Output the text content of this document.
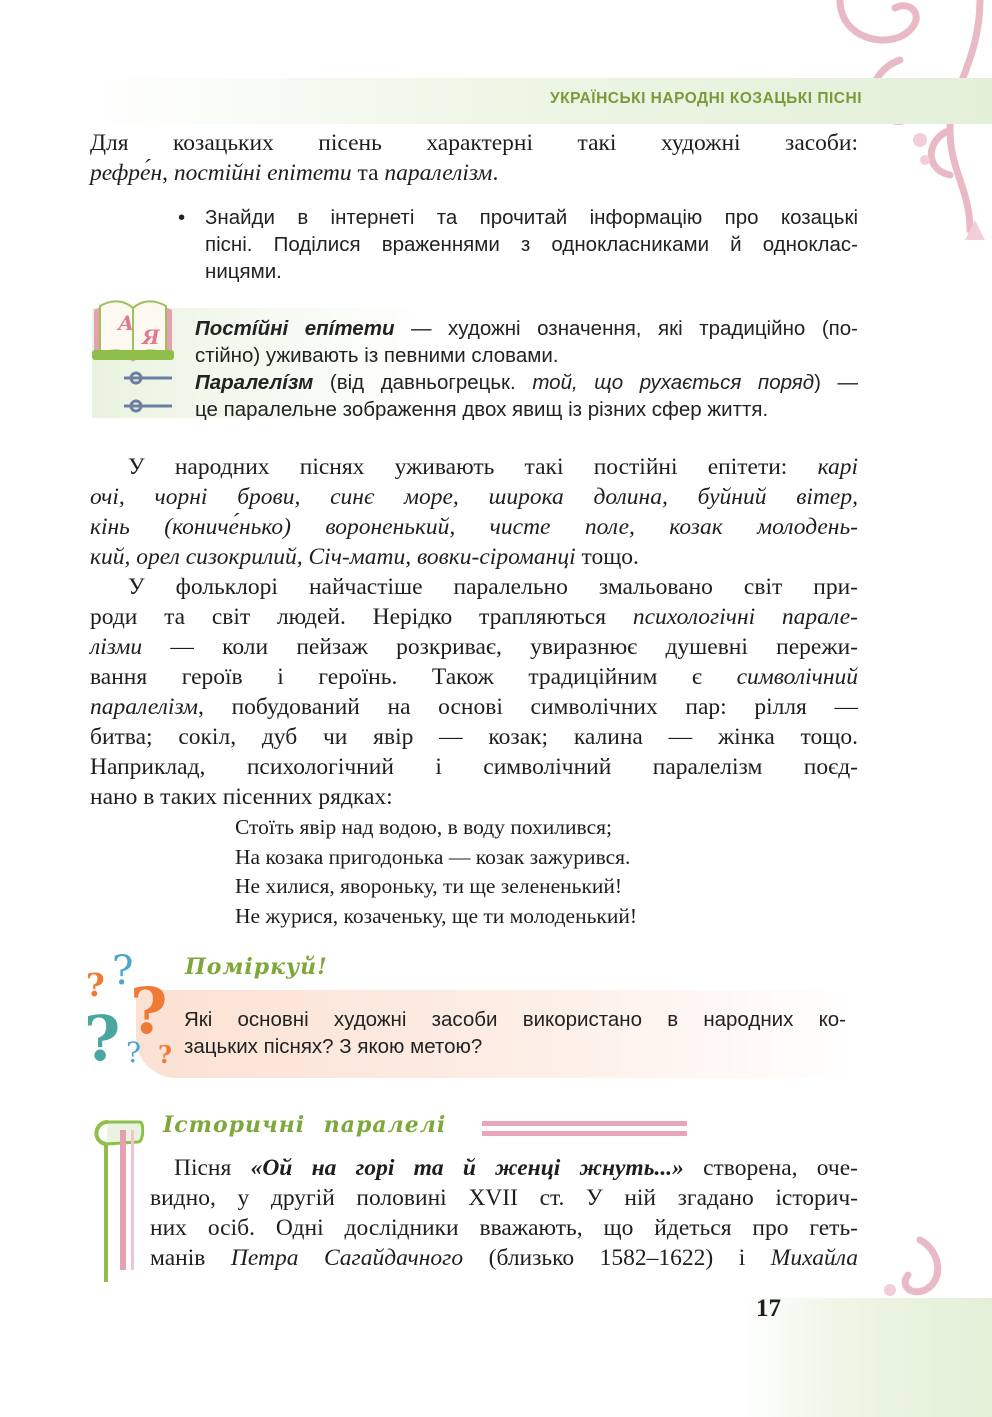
УКРАЇНСЬКІ НАРОДНІ КОЗАЦЬКІ ПІСНІ
Для козацьких пісень характерні такі художні засоби:
рефре́н, постійні епітети та паралелізм.
• Знайди в інтернеті та прочитай інформацію про козацькі
пісні. Поділися враженнями з однокласниками й одноклас-
ницями.
А
Я Постíйні епíтети — художні означення, які традиційно (по-
стійно) уживають із певними словами.
Паралелíзм (від давньогрецьк. той, що рухається поряд) —
це паралельне зображення двох явищ із різних сфер життя.
У народних піснях уживають такі постійні епітети: карі
очі, чорні брови, синє море, широка долина, буйний вітер,
кінь (кониче́нько) вороненький, чисте поле, козак молодень-
кий, орел сизокрилий, Січ-мати, вовки-сіроманці тощо.
У фольклорі найчастіше паралельно змальовано світ при-
роди та світ людей. Нерідко трапляються психологічні парале-
лізми — коли пейзаж розкриває, увиразнює душевні пережи-
вання героїв і героїнь. Також традиційним є символічний
паралелізм, побудований на основі символічних пар: рілля —
битва; сокіл, дуб чи явір — козак; калина — жінка тощо.
Наприклад, психологічний і символічний паралелізм поєд-
нано в таких пісенних рядках:
Стоїть явір над водою, в воду похилився;
На козака пригодонька — козак зажурився.
Не хилися, явороньку, ти ще зелененький!
Не журися, козаченьку, ще ти молоденький!
Поміркуй!
? ?
?
? ? ?
Які основні художні засоби використано в народних ко-
зацьких піснях? З якою метою?
Історичні паралелі
Пісня «Ой на горі та й женці жнуть...» створена, оче-
видно, у другій половині XVII ст. У ній згадано історич-
них осіб. Одні дослідники вважають, що йдеться про геть-
манів Петра Сагайдачного (близько 1582–1622) і Михайла
17
